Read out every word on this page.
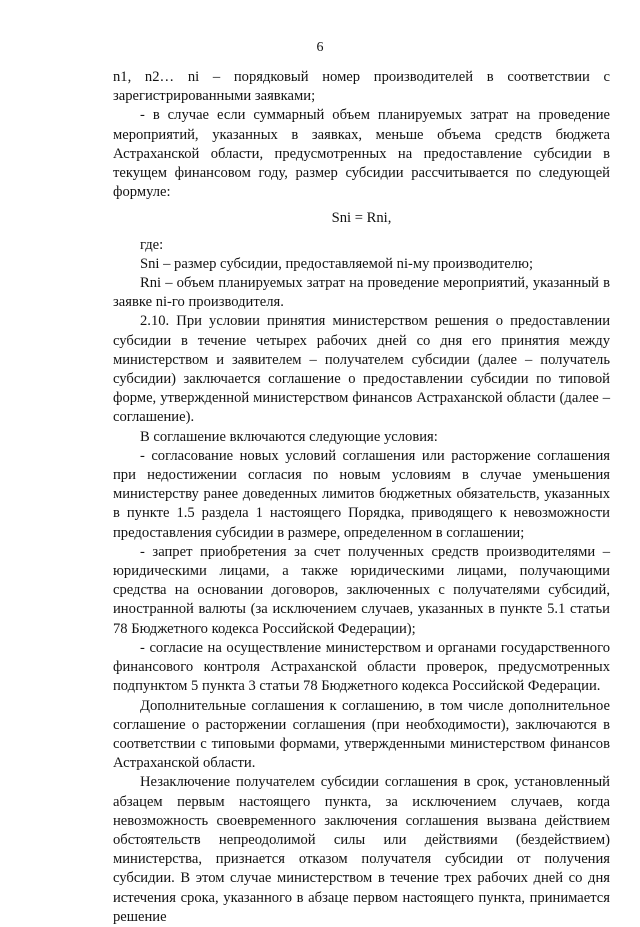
6

n1, n2… ni – порядковый номер производителей в соответствии с зарегистрированными заявками;

- в случае если суммарный объем планируемых затрат на проведение мероприятий, указанных в заявках, меньше объема средств бюджета Астраханской области, предусмотренных на предоставление субсидии в текущем финансовом году, размер субсидии рассчитывается по следующей формуле:

Sni = Rni,

где:

Sni – размер субсидии, предоставляемой ni-му производителю;

Rni – объем планируемых затрат на проведение мероприятий, указанный в заявке ni-го производителя.

2.10. При условии принятия министерством решения о предоставлении субсидии в течение четырех рабочих дней со дня его принятия между министерством и заявителем – получателем субсидии (далее – получатель субсидии) заключается соглашение о предоставлении субсидии по типовой форме, утвержденной министерством финансов Астраханской области (далее – соглашение).

В соглашение включаются следующие условия:

- согласование новых условий соглашения или расторжение соглашения при недостижении согласия по новым условиям в случае уменьшения министерству ранее доведенных лимитов бюджетных обязательств, указанных в пункте 1.5 раздела 1 настоящего Порядка, приводящего к невозможности предоставления субсидии в размере, определенном в соглашении;

- запрет приобретения за счет полученных средств производителями – юридическими лицами, а также юридическими лицами, получающими средства на основании договоров, заключенных с получателями субсидий, иностранной валюты (за исключением случаев, указанных в пункте 5.1 статьи 78 Бюджетного кодекса Российской Федерации);

- согласие на осуществление министерством и органами государственного финансового контроля Астраханской области проверок, предусмотренных подпунктом 5 пункта 3 статьи 78 Бюджетного кодекса Российской Федерации.

Дополнительные соглашения к соглашению, в том числе дополнительное соглашение о расторжении соглашения (при необходимости), заключаются в соответствии с типовыми формами, утвержденными министерством финансов Астраханской области.

Незаключение получателем субсидии соглашения в срок, установленный абзацем первым настоящего пункта, за исключением случаев, когда невозможность своевременного заключения соглашения вызвана действием обстоятельств непреодолимой силы или действиями (бездействием) министерства, признается отказом получателя субсидии от получения субсидии. В этом случае министерством в течение трех рабочих дней со дня истечения срока, указанного в абзаце первом настоящего пункта, принимается решение
